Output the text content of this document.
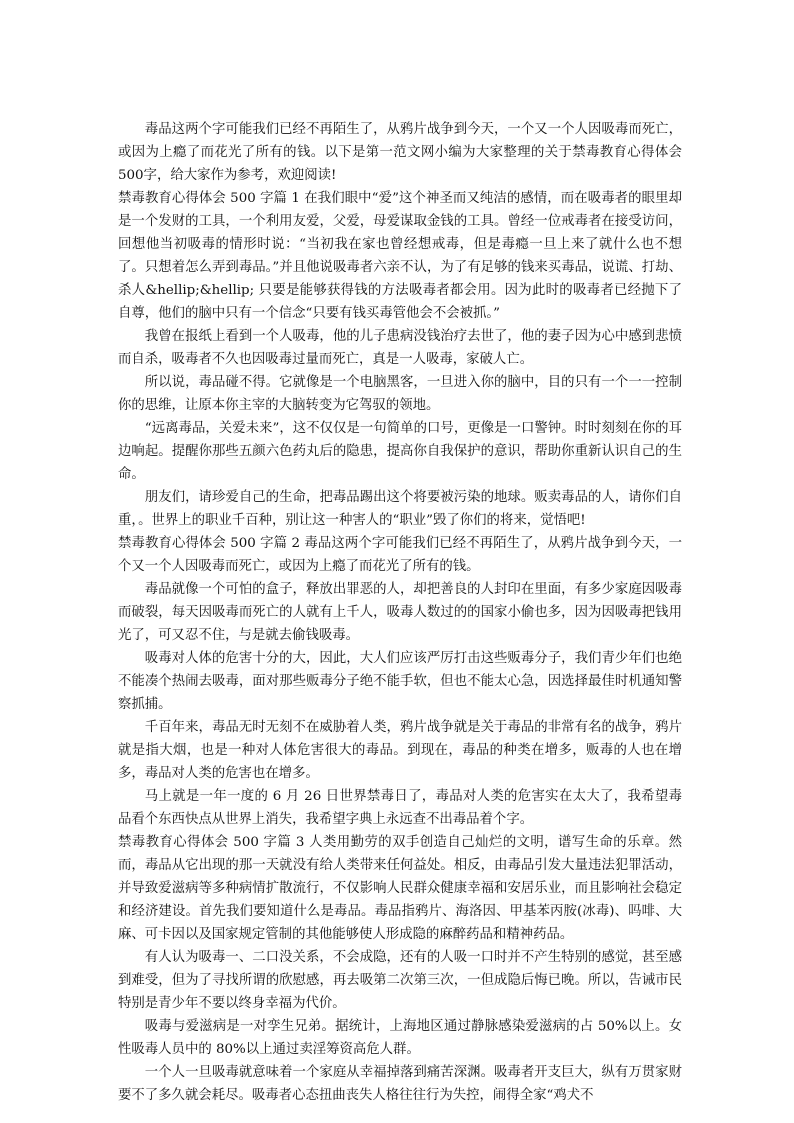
毒品这两个字可能我们已经不再陌生了，从鸦片战争到今天，一个又一个人因吸毒而死亡，或因为上瘾了而花光了所有的钱。以下是第一范文网小编为大家整理的关于禁毒教育心得体会500字，给大家作为参考，欢迎阅读!

禁毒教育心得体会 500 字篇 1 在我们眼中“爱”这个神圣而又纯洁的感情，而在吸毒者的眼里却是一个发财的工具，一个利用友爱，父爱，母爱谋取金钱的工具。曾经一位戒毒者在接受访问，回想他当初吸毒的情形时说：“当初我在家也曾经想戒毒，但是毒瘾一旦上来了就什么也不想了。只想着怎么弄到毒品。”并且他说吸毒者六亲不认，为了有足够的钱来买毒品，说谎、打劫、杀人&hellip;&hellip; 只要是能够获得钱的方法吸毒者都会用。因为此时的吸毒者已经抛下了自尊，他们的脑中只有一个信念“只要有钱买毒管他会不会被抓。”

我曾在报纸上看到一个人吸毒，他的儿子患病没钱治疗去世了，他的妻子因为心中感到悲愤而自杀，吸毒者不久也因吸毒过量而死亡，真是一人吸毒，家破人亡。

所以说，毒品碰不得。它就像是一个电脑黑客，一旦进入你的脑中，目的只有一个一一控制你的思维，让原本你主宰的大脑转变为它驾驭的领地。

“远离毒品，关爱未来”，这不仅仅是一句简单的口号，更像是一口警钟。时时刻刻在你的耳边响起。提醒你那些五颜六色药丸后的隐患，提高你自我保护的意识，帮助你重新认识自己的生命。

朋友们，请珍爱自己的生命，把毒品踢出这个将要被污染的地球。贩卖毒品的人，请你们自重，。世界上的职业千百种，别让这一种害人的“职业”毁了你们的将来，觉悟吧!

禁毒教育心得体会 500 字篇 2 毒品这两个字可能我们已经不再陌生了，从鸦片战争到今天，一个又一个人因吸毒而死亡，或因为上瘾了而花光了所有的钱。

毒品就像一个可怕的盒子，释放出罪恶的人，却把善良的人封印在里面，有多少家庭因吸毒而破裂，每天因吸毒而死亡的人就有上千人，吸毒人数过的的国家小偷也多，因为因吸毒把钱用光了，可又忍不住，与是就去偷钱吸毒。

吸毒对人体的危害十分的大，因此，大人们应该严厉打击这些贩毒分子，我们青少年们也绝不能凑个热闹去吸毒，面对那些贩毒分子绝不能手软，但也不能太心急，因选择最佳时机通知警察抓捕。

千百年来，毒品无时无刻不在威胁着人类，鸦片战争就是关于毒品的非常有名的战争，鸦片就是指大烟，也是一种对人体危害很大的毒品。到现在，毒品的种类在增多，贩毒的人也在增多，毒品对人类的危害也在增多。

马上就是一年一度的 6 月 26 日世界禁毒日了，毒品对人类的危害实在太大了，我希望毒品看个东西快点从世界上消失，我希望字典上永远查不出毒品着个字。

禁毒教育心得体会 500 字篇 3 人类用勤劳的双手创造自己灿烂的文明，谱写生命的乐章。然而，毒品从它出现的那一天就没有给人类带来任何益处。相反，由毒品引发大量违法犯罪活动，并导致爱滋病等多种病情扩散流行，不仅影响人民群众健康幸福和安居乐业，而且影响社会稳定和经济建设。首先我们要知道什么是毒品。毒品指鸦片、海洛因、甲基苯丙胺(冰毒)、吗啡、大麻、可卡因以及国家规定管制的其他能够使人形成隐的麻醉药品和精神药品。

有人认为吸毒一、二口没关系，不会成隐，还有的人吸一口时并不产生特别的感觉，甚至感到难受，但为了寻找所谓的欣慰感，再去吸第二次第三次，一但成隐后悔已晚。所以，告诫市民特别是青少年不要以终身幸福为代价。

吸毒与爱滋病是一对孪生兄弟。据统计，上海地区通过静脉感染爱滋病的占 50%以上。女性吸毒人员中的 80%以上通过卖淫筹资高危人群。

一个人一旦吸毒就意味着一个家庭从幸福掉落到痛苦深渊。吸毒者开支巨大，纵有万贯家财要不了多久就会耗尽。吸毒者心态扭曲丧失人格往往行为失控，闹得全家“鸡犬不
